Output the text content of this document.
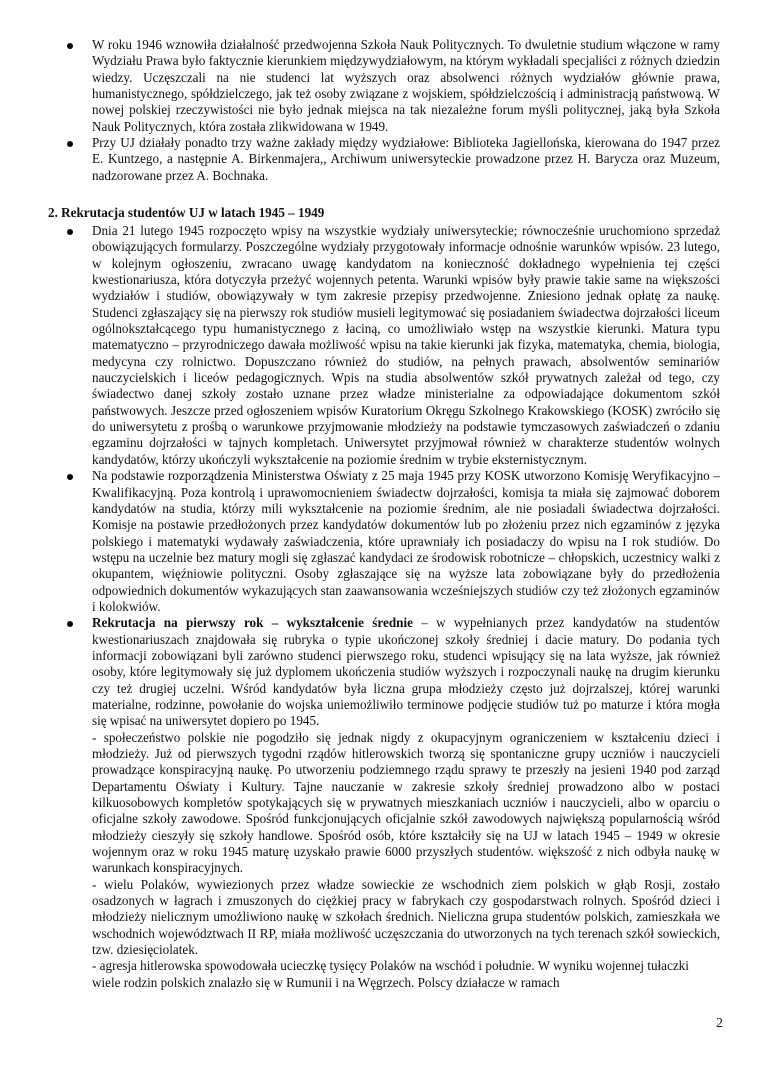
W roku 1946 wznowiła działalność przedwojenna Szkoła Nauk Politycznych. To dwuletnie studium włączone w ramy Wydziału Prawa było faktycznie kierunkiem międzywydziałowym, na którym wykładali specjaliści z różnych dziedzin wiedzy. Uczęszczali na nie studenci lat wyższych oraz absolwenci różnych wydziałów głównie prawa, humanistycznego, spółdzielczego, jak też osoby związane z wojskiem, spółdzielczością i administracją państwową. W nowej polskiej rzeczywistości nie było jednak miejsca na tak niezależne forum myśli politycznej, jaką była Szkoła Nauk Politycznych, która została zlikwidowana w 1949.

Przy UJ działały ponadto trzy ważne zakłady między wydziałowe: Biblioteka Jagiellońska, kierowana do 1947 przez E. Kuntzego, a następnie A. Birkenmajera,, Archiwum uniwersyteckie prowadzone przez H. Barycza oraz Muzeum, nadzorowane przez A. Bochnaka.

2. Rekrutacja studentów UJ w latach 1945 – 1949

Dnia 21 lutego 1945 rozpoczęto wpisy na wszystkie wydziały uniwersyteckie; równocześnie uruchomiono sprzedaż obowiązujących formularzy. Poszczególne wydziały przygotowały informacje odnośnie warunków wpisów. 23 lutego, w kolejnym ogłoszeniu, zwracano uwagę kandydatom na konieczność dokładnego wypełnienia tej części kwestionariusza, która dotyczyła przeżyć wojennych petenta. Warunki wpisów były prawie takie same na większości wydziałów i studiów, obowiązywały w tym zakresie przepisy przedwojenne. Zniesiono jednak opłatę za naukę. Studenci zgłaszający się na pierwszy rok studiów musieli legitymować się posiadaniem świadectwa dojrzałości liceum ogólnokształcącego typu humanistycznego z łaciną, co umożliwiało wstęp na wszystkie kierunki. Matura typu matematyczno – przyrodniczego dawała możliwość wpisu na takie kierunki jak fizyka, matematyka, chemia, biologia, medycyna czy rolnictwo. Dopuszczano również do studiów, na pełnych prawach, absolwentów seminariów nauczycielskich i liceów pedagogicznych. Wpis na studia absolwentów szkół prywatnych zależał od tego, czy świadectwo danej szkoły zostało uznane przez władze ministerialne za odpowiadające dokumentom szkół państwowych. Jeszcze przed ogłoszeniem wpisów Kuratorium Okręgu Szkolnego Krakowskiego (KOSK) zwróciło się do uniwersytetu z prośbą o warunkowe przyjmowanie młodzieży na podstawie tymczasowych zaświadczeń o zdaniu egzaminu dojrzałości w tajnych kompletach. Uniwersytet przyjmował również w charakterze studentów wolnych kandydatów, którzy ukończyli wykształcenie na poziomie średnim w trybie eksternistycznym.

Na podstawie rozporządzenia Ministerstwa Oświaty z 25 maja 1945 przy KOSK utworzono Komisję Weryfikacyjno – Kwalifikacyjną. Poza kontrolą i uprawomocnieniem świadectw dojrzałości, komisja ta miała się zajmować doborem kandydatów na studia, którzy mili wykształcenie na poziomie średnim, ale nie posiadali świadectwa dojrzałości. Komisje na postawie przedłożonych przez kandydatów dokumentów lub po złożeniu przez nich egzaminów z języka polskiego i matematyki wydawały zaświadczenia, które uprawniały ich posiadaczy do wpisu na I rok studiów. Do wstępu na uczelnie bez matury mogli się zgłaszać kandydaci ze środowisk robotnicze – chłopskich, uczestnicy walki z okupantem, więźniowie polityczni. Osoby zgłaszające się na wyższe lata zobowiązane były do przedłożenia odpowiednich dokumentów wykazujących stan zaawansowania wcześniejszych studiów czy też złożonych egzaminów i kolokwiów.

Rekrutacja na pierwszy rok – wykształcenie średnie – w wypełnianych przez kandydatów na studentów kwestionariuszach znajdowała się rubryka o typie ukończonej szkoły średniej i dacie matury. Do podania tych informacji zobowiązani byli zarówno studenci pierwszego roku, studenci wpisujący się na lata wyższe, jak również osoby, które legitymowały się już dyplomem ukończenia studiów wyższych i rozpoczynali naukę na drugim kierunku czy też drugiej uczelni. Wśród kandydatów była liczna grupa młodzieży często już dojrzalszej, której warunki materialne, rodzinne, powołanie do wojska uniemożliwiło terminowe podjęcie studiów tuż po maturze i która mogła się wpisać na uniwersytet dopiero po 1945.

- społeczeństwo polskie nie pogodziło się jednak nigdy z okupacyjnym ograniczeniem w kształceniu dzieci i młodzieży. Już od pierwszych tygodni rządów hitlerowskich tworzą się spontaniczne grupy uczniów i nauczycieli prowadzące konspiracyjną naukę. Po utworzeniu podziemnego rządu sprawy te przeszły na jesieni 1940 pod zarząd Departamentu Oświaty i Kultury. Tajne nauczanie w zakresie szkoły średniej prowadzono albo w postaci kilkuosobowych kompletów spotykających się w prywatnych mieszkaniach uczniów i nauczycieli, albo w oparciu o oficjalne szkoły zawodowe. Spośród funkcjonujących oficjalnie szkół zawodowych największą popularnością wśród młodzieży cieszyły się szkoły handlowe. Spośród osób, które kształciły się na UJ w latach 1945 – 1949 w okresie wojennym oraz w roku 1945 maturę uzyskało prawie 6000 przyszłych studentów. większość z nich odbyła naukę w warunkach konspiracyjnych.

- wielu Polaków, wywiezionych przez władze sowieckie ze wschodnich ziem polskich w głąb Rosji, zostało osadzonych w łagrach i zmuszonych do ciężkiej pracy w fabrykach czy gospodarstwach rolnych. Spośród dzieci i młodzieży nielicznym umożliwiono naukę w szkołach średnich. Nieliczna grupa studentów polskich, zamieszkała we wschodnich województwach II RP, miała możliwość uczęszczania do utworzonych na tych terenach szkół sowieckich, tzw. dziesięciolatek.

- agresja hitlerowska spowodowała ucieczkę tysięcy Polaków na wschód i południe. W wyniku wojennej tułaczki wiele rodzin polskich znalazło się w Rumunii i na Węgrzech. Polscy działacze w ramach

2
